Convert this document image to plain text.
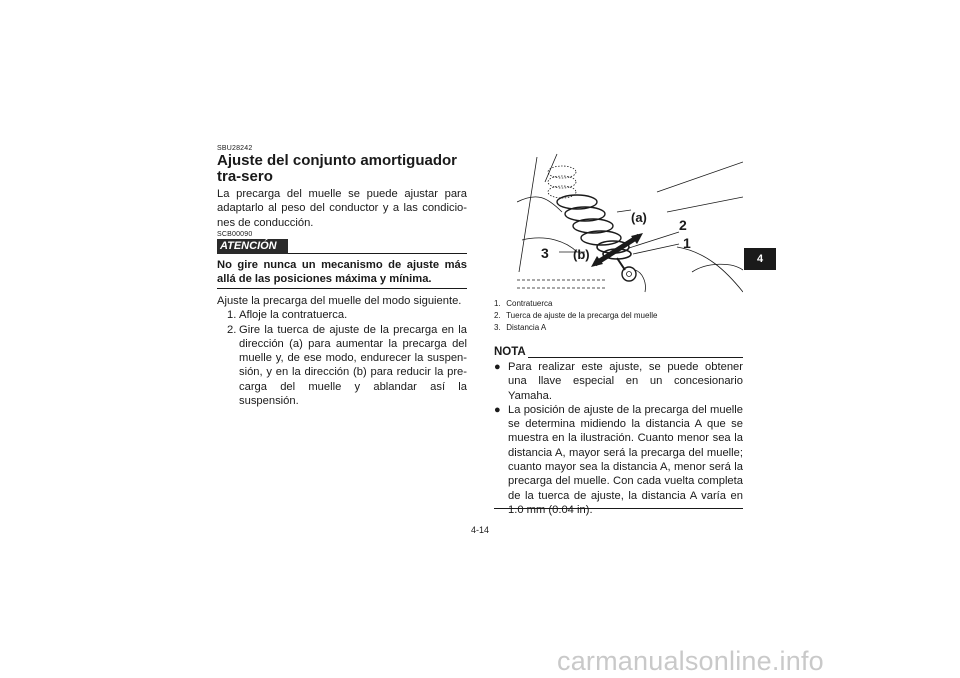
SBU28242
Ajuste del conjunto amortiguador tra-sero
La precarga del muelle se puede ajustar para adaptarlo al peso del conductor y a las condicio-nes de conducción.
SCB00090
ATENCIÓN
No gire nunca un mecanismo de ajuste más allá de las posiciones máxima y mínima.
Ajuste la precarga del muelle del modo siguiente.
1. Afloje la contratuerca.
2. Gire la tuerca de ajuste de la precarga en la dirección (a) para aumentar la precarga del muelle y, de ese modo, endurecer la suspen-sión, y en la dirección (b) para reducir la pre-carga del muelle y ablandar así la suspensión.
(a)
(b)
2
1
3
1. Contratuerca
2. Tuerca de ajuste de la precarga del muelle
3. Distancia A
NOTA
● Para realizar este ajuste, se puede obtener una llave especial en un concesionario Yamaha.
● La posición de ajuste de la precarga del muelle se determina midiendo la distancia A que se muestra en la ilustración. Cuanto menor sea la distancia A, mayor será la precarga del muelle; cuanto mayor sea la distancia A, menor será la precarga del muelle. Con cada vuelta completa de la tuerca de ajuste, la distancia A varía en 1.0 mm (0.04 in).
4-14
4
carmanualsonline.info
